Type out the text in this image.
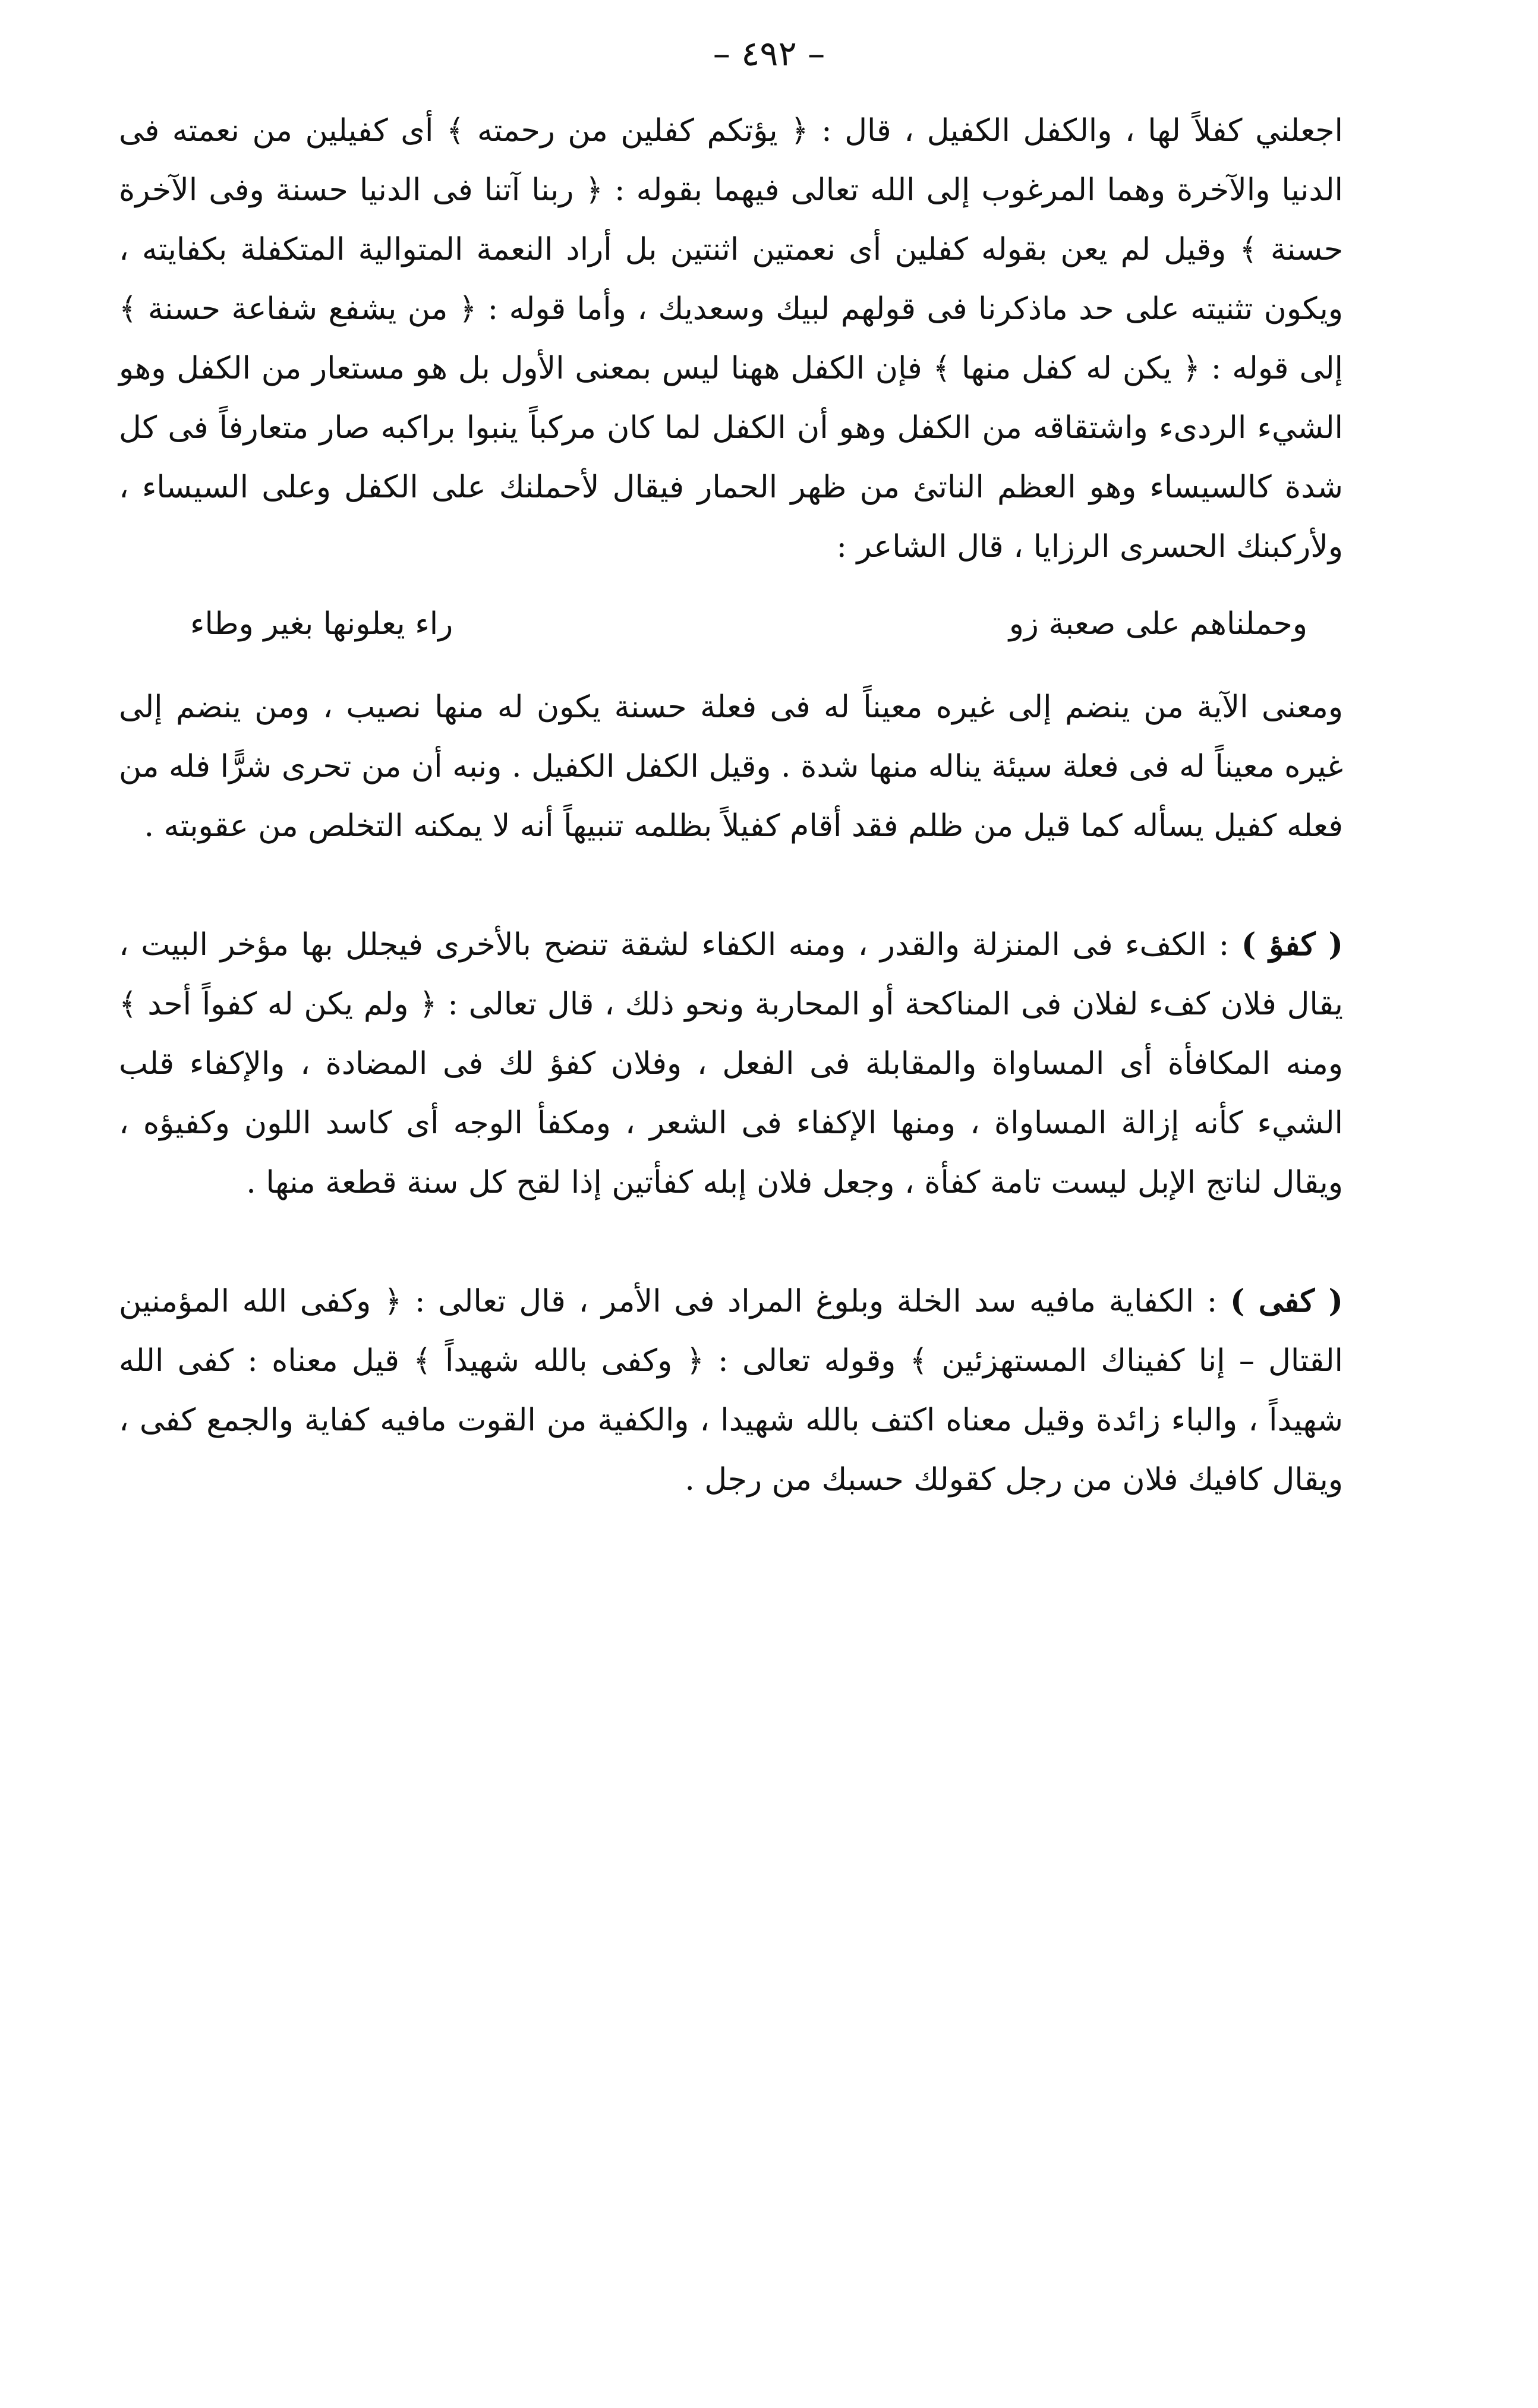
– ٤٩٢ –

اجعلني كفلاً لها ، والكفل الكفيل ، قال : ﴿ يؤتكم كفلين من رحمته ﴾ أى كفيلين من نعمته فى الدنيا والآخرة وهما المرغوب إلى الله تعالى فيهما بقوله : ﴿ ربنا آتنا فى الدنيا حسنة وفى الآخرة حسنة ﴾ وقيل لم يعن بقوله كفلين أى نعمتين اثنتين بل أراد النعمة المتوالية المتكفلة بكفايته ، ويكون تثنيته على حد ماذكرنا فى قولهم لبيك وسعديك ، وأما قوله : ﴿ من يشفع شفاعة حسنة ﴾ إلى قوله : ﴿ يكن له كفل منها ﴾ فإن الكفل ههنا ليس بمعنى الأول بل هو مستعار من الكفل وهو الشيء الردىء واشتقاقه من الكفل وهو أن الكفل لما كان مركباً ينبوا براكبه صار متعارفاً فى كل شدة كالسيساء وهو العظم الناتئ من ظهر الحمار فيقال لأحملنك على الكفل وعلى السيساء ، ولأركبنك الحسرى الرزايا ، قال الشاعر :

وحملناهم على صعبة زو
راء يعلونها بغير وطاء

ومعنى الآية من ينضم إلى غيره معيناً له فى فعلة حسنة يكون له منها نصيب ، ومن ينضم إلى غيره معيناً له فى فعلة سيئة يناله منها شدة . وقيل الكفل الكفيل . ونبه أن من تحرى شرًّا فله من فعله كفيل يسأله كما قيل من ظلم فقد أقام كفيلاً بظلمه تنبيهاً أنه لا يمكنه التخلص من عقوبته .

( كفؤ ) : الكفء فى المنزلة والقدر ، ومنه الكفاء لشقة تنضح بالأخرى فيجلل بها مؤخر البيت ، يقال فلان كفء لفلان فى المناكحة أو المحاربة ونحو ذلك ، قال تعالى : ﴿ ولم يكن له كفواً أحد ﴾ ومنه المكافأة أى المساواة والمقابلة فى الفعل ، وفلان كفؤ لك فى المضادة ، والإكفاء قلب الشيء كأنه إزالة المساواة ، ومنها الإكفاء فى الشعر ، ومكفأ الوجه أى كاسد اللون وكفيؤه ، ويقال لناتج الإبل ليست تامة كفأة ، وجعل فلان إبله كفأتين إذا لقح كل سنة قطعة منها .

( كفى ) : الكفاية مافيه سد الخلة وبلوغ المراد فى الأمر ، قال تعالى : ﴿ وكفى الله المؤمنين القتال – إنا كفيناك المستهزئين ﴾ وقوله تعالى : ﴿ وكفى بالله شهيداً ﴾ قيل معناه : كفى الله شهيداً ، والباء زائدة وقيل معناه اكتف بالله شهيدا ، والكفية من القوت مافيه كفاية والجمع كفى ، ويقال كافيك فلان من رجل كقولك حسبك من رجل .
